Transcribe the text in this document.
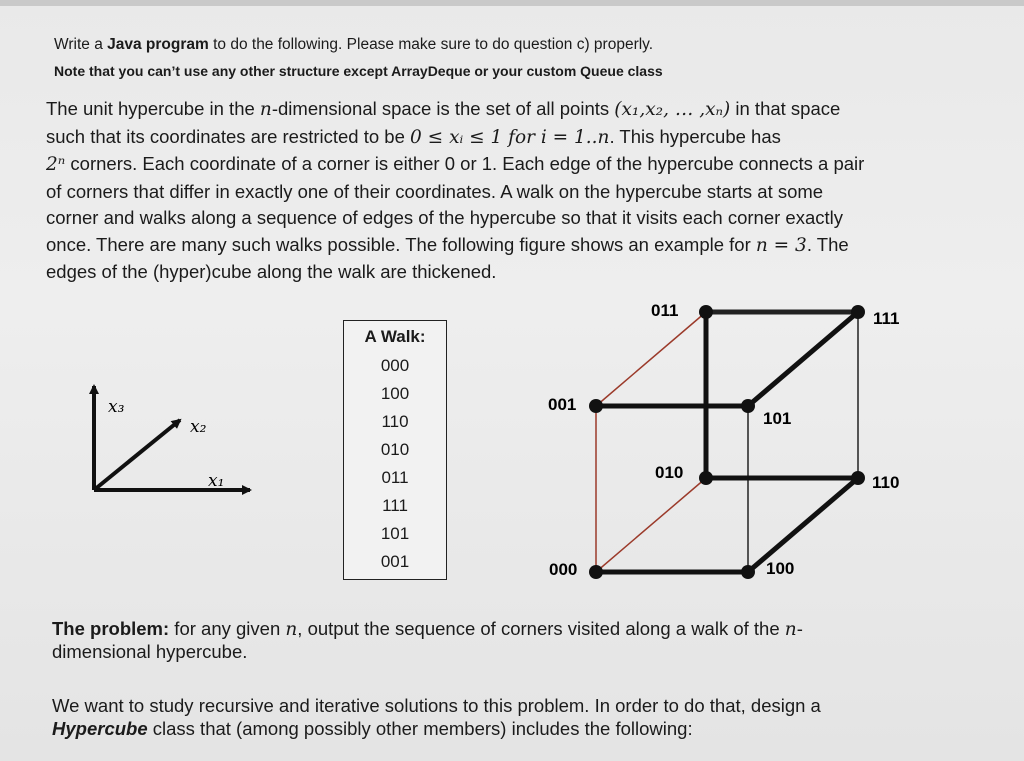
Write a Java program to do the following. Please make sure to do question c) properly.
Note that you can’t use any other structure except ArrayDeque or your custom Queue class

The unit hypercube in the n-dimensional space is the set of all points (x₁,x₂, … ,xₙ) in that space

such that its coordinates are restricted to be 0 ≤ xᵢ ≤ 1 for i = 1..n. This hypercube has

2ⁿ corners. Each coordinate of a corner is either 0 or 1. Each edge of the hypercube connects a pair

of corners that differ in exactly one of their coordinates. A walk on the hypercube starts at some

corner and walks along a sequence of edges of the hypercube so that it visits each corner exactly

once. There are many such walks possible. The following figure shows an example for n = 3. The

edges of the (hyper)cube along the walk are thickened.

x₃
x₂
x₁
000	100
010
110
001
101
011	111
A Walk:
000
100
110
010
011
111
101
001
The problem: for any given n, output the sequence of corners visited along a walk of the n-
dimensional hypercube.
We want to study recursive and iterative solutions to this problem. In order to do that, design a
Hypercube class that (among possibly other members) includes the following:
